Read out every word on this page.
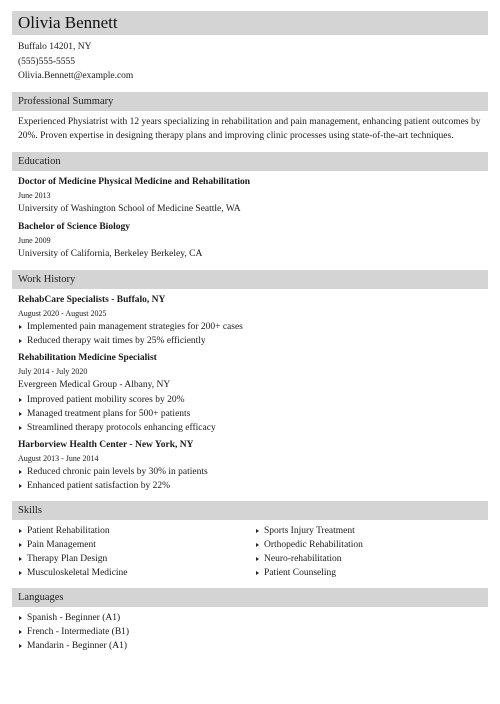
Olivia Bennett
Buffalo 14201, NY
(555)555-5555
Olivia.Bennett@example.com
Professional Summary
Experienced Physiatrist with 12 years specializing in rehabilitation and pain management, enhancing patient outcomes by 20%. Proven expertise in designing therapy plans and improving clinic processes using state-of-the-art techniques.
Education
Doctor of Medicine Physical Medicine and Rehabilitation
June 2013
University of Washington School of Medicine Seattle, WA
Bachelor of Science Biology
June 2009
University of California, Berkeley Berkeley, CA
Work History
RehabCare Specialists - Buffalo, NY
August 2020 - August 2025
Implemented pain management strategies for 200+ cases
Reduced therapy wait times by 25% efficiently
Rehabilitation Medicine Specialist
July 2014 - July 2020
Evergreen Medical Group - Albany, NY
Improved patient mobility scores by 20%
Managed treatment plans for 500+ patients
Streamlined therapy protocols enhancing efficacy
Harborview Health Center - New York, NY
August 2013 - June 2014
Reduced chronic pain levels by 30% in patients
Enhanced patient satisfaction by 22%
Skills
Patient Rehabilitation
Pain Management
Therapy Plan Design
Musculoskeletal Medicine
Sports Injury Treatment
Orthopedic Rehabilitation
Neuro-rehabilitation
Patient Counseling
Languages
Spanish - Beginner (A1)
French - Intermediate (B1)
Mandarin - Beginner (A1)
